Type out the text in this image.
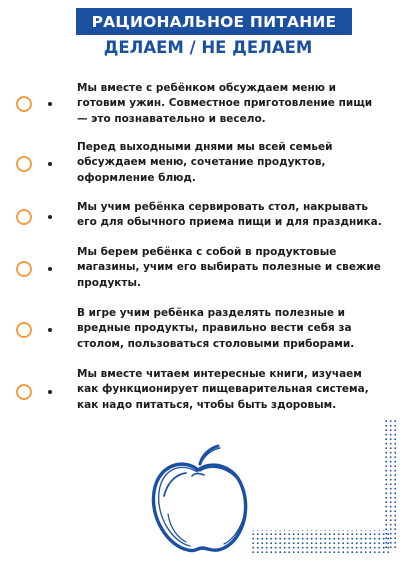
РАЦИОНАЛЬНОЕ ПИТАНИЕ
ДЕЛАЕМ / НЕ ДЕЛАЕМ
Мы вместе с ребёнком обсуждаем меню и
готовим ужин. Совместное приготовление пищи
— это познавательно и весело.
Перед выходными днями мы всей семьей
обсуждаем меню, сочетание продуктов,
оформление блюд.
Мы учим ребёнка сервировать стол, накрывать
его для обычного приема пищи и для праздника.
Мы берем ребёнка с собой в продуктовые
магазины, учим его выбирать полезные и свежие
продукты.
В игре учим ребёнка разделять полезные и
вредные продукты, правильно вести себя за
столом, пользоваться столовыми приборами.
Мы вместе читаем интересные книги, изучаем
как функционирует пищеварительная система,
как надо питаться, чтобы быть здоровым.
